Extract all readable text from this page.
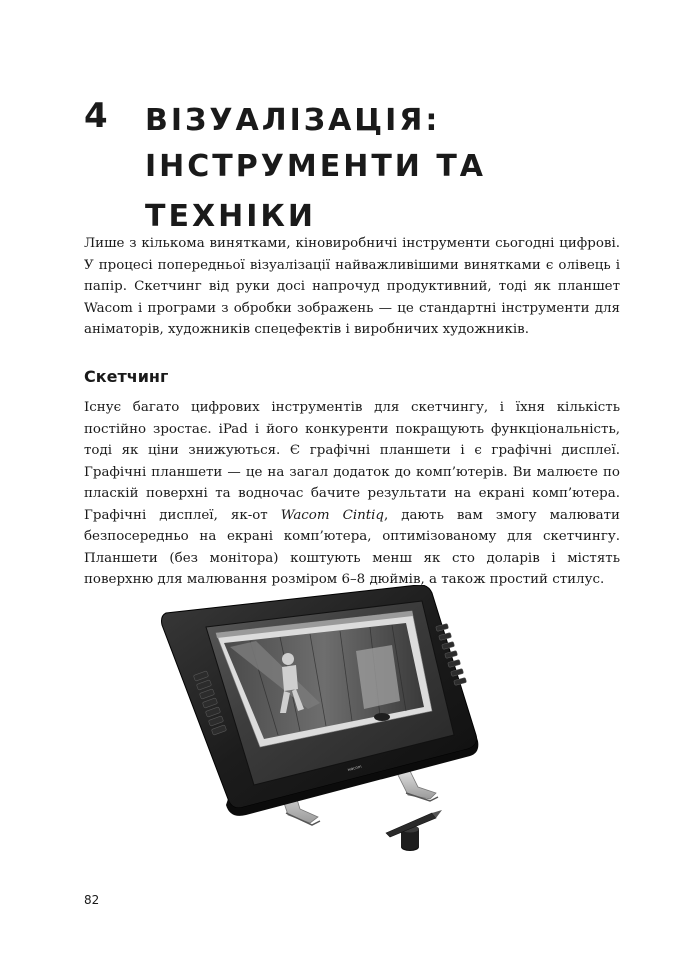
4 ВІЗУАЛІЗАЦІЯ:
ІНСТРУМЕНТИ ТА ТЕХНІКИ

Лише з кількома винятками, кіновиробничі інструменти сьогодні цифрові. У процесі попередньої візуалізації найважливішими винятками є олівець і папір. Скетчинг від руки досі напрочуд продуктивний, тоді як планшет Wacom і програми з обробки зображень — це стандартні інструменти для аніматорів, художників спецефектів і виробничих художників.

Скетчинг

Існує багато цифрових інструментів для скетчингу, і їхня кількість постійно зростає. iPad і його конкуренти покращують функціональність, тоді як ціни знижуються. Є графічні планшети і є графічні дисплеї. Графічні планшети — це на загал додаток до комп’ютерів. Ви малюєте по пласкій поверхні та водночас бачите результати на екрані комп’ютера. Графічні дисплеї, як-от Wacom Cintiq, дають вам змогу малювати безпосередньо на екрані комп’ютера, оптимізованому для скетчингу. Планшети (без монітора) коштують менш як сто доларів і містять поверхню для малювання розміром 6–8 дюймів, а також простий стилус.

wacom
82
